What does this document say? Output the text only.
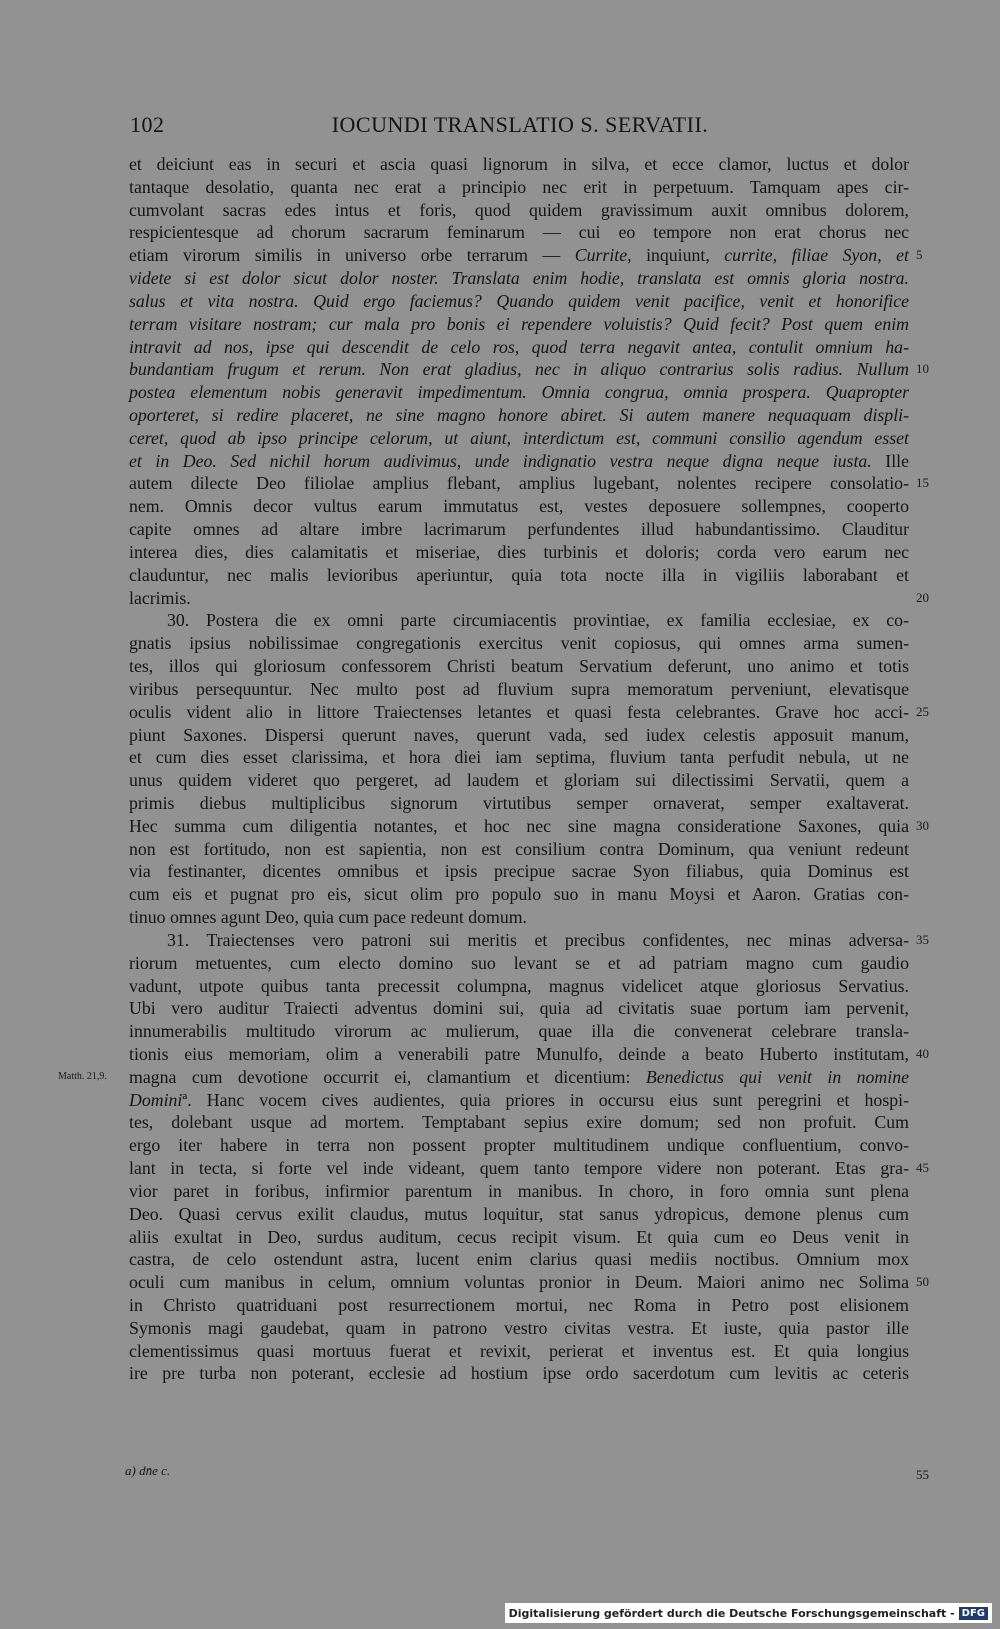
102	IOCUNDI TRANSLATIO S. SERVATII.
et deiciunt eas in securi et ascia quasi lignorum in silva, et ecce clamor, luctus et dolor
tantaque desolatio, quanta nec erat a principio nec erit in perpetuum. Tamquam apes cir-
cumvolant sacras edes intus et foris, quod quidem gravissimum auxit omnibus dolorem,
respicientesque ad chorum sacrarum feminarum — cui eo tempore non erat chorus nec
etiam virorum similis in universo orbe terrarum — Currite, inquiunt, currite, filiae Syon, et
videte si est dolor sicut dolor noster. Translata enim hodie, translata est omnis gloria nostra.
salus et vita nostra. Quid ergo faciemus? Quando quidem venit pacifice, venit et honorifice
terram visitare nostram; cur mala pro bonis ei rependere voluistis? Quid fecit? Post quem enim
intravit ad nos, ipse qui descendit de celo ros, quod terra negavit antea, contulit omnium ha-
bundantiam frugum et rerum. Non erat gladius, nec in aliquo contrarius solis radius. Nullum
postea elementum nobis generavit impedimentum. Omnia congrua, omnia prospera. Quapropter
oporteret, si redire placeret, ne sine magno honore abiret. Si autem manere nequaquam displi-
ceret, quod ab ipso principe celorum, ut aiunt, interdictum est, communi consilio agendum esset
et in Deo. Sed nichil horum audivimus, unde indignatio vestra neque digna neque iusta. Ille
autem dilecte Deo filiolae amplius flebant, amplius lugebant, nolentes recipere consolatio-
nem. Omnis decor vultus earum immutatus est, vestes deposuere sollempnes, cooperto
capite omnes ad altare imbre lacrimarum perfundentes illud habundantissimo. Clauditur
interea dies, dies calamitatis et miseriae, dies turbinis et doloris; corda vero earum nec
clauduntur, nec malis levioribus aperiuntur, quia tota nocte illa in vigiliis laborabant et
lacrimis.
30. Postera die ex omni parte circumiacentis provintiae, ex familia ecclesiae, ex co-
gnatis ipsius nobilissimae congregationis exercitus venit copiosus, qui omnes arma sumen-
tes, illos qui gloriosum confessorem Christi beatum Servatium deferunt, uno animo et totis
viribus persequuntur. Nec multo post ad fluvium supra memoratum perveniunt, elevatisque
oculis vident alio in littore Traiectenses letantes et quasi festa celebrantes. Grave hoc acci-
piunt Saxones. Dispersi querunt naves, querunt vada, sed iudex celestis apposuit manum,
et cum dies esset clarissima, et hora diei iam septima, fluvium tanta perfudit nebula, ut ne
unus quidem videret quo pergeret, ad laudem et gloriam sui dilectissimi Servatii, quem a
primis diebus multiplicibus signorum virtutibus semper ornaverat, semper exaltaverat.
Hec summa cum diligentia notantes, et hoc nec sine magna consideratione Saxones, quia
non est fortitudo, non est sapientia, non est consilium contra Dominum, qua veniunt redeunt
via festinanter, dicentes omnibus et ipsis precipue sacrae Syon filiabus, quia Dominus est
cum eis et pugnat pro eis, sicut olim pro populo suo in manu Moysi et Aaron. Gratias con-
tinuo omnes agunt Deo, quia cum pace redeunt domum.
31. Traiectenses vero patroni sui meritis et precibus confidentes, nec minas adversa-
riorum metuentes, cum electo domino suo levant se et ad patriam magno cum gaudio
vadunt, utpote quibus tanta precessit columpna, magnus videlicet atque gloriosus Servatius.
Ubi vero auditur Traiecti adventus domini sui, quia ad civitatis suae portum iam pervenit,
innumerabilis multitudo virorum ac mulierum, quae illa die convenerat celebrare transla-
tionis eius memoriam, olim a venerabili patre Munulfo, deinde a beato Huberto institutam,
magna cum devotione occurrit ei, clamantium et dicentium: Benedictus qui venit in nomine
Dominiª. Hanc vocem cives audientes, quia priores in occursu eius sunt peregrini et hospi-
tes, dolebant usque ad mortem. Temptabant sepius exire domum; sed non profuit. Cum
ergo iter habere in terra non possent propter multitudinem undique confluentium, convo-
lant in tecta, si forte vel inde videant, quem tanto tempore videre non poterant. Etas gra-
vior paret in foribus, infirmior parentum in manibus. In choro, in foro omnia sunt plena
Deo. Quasi cervus exilit claudus, mutus loquitur, stat sanus ydropicus, demone plenus cum
aliis exultat in Deo, surdus auditum, cecus recipit visum. Et quia cum eo Deus venit in
castra, de celo ostendunt astra, lucent enim clarius quasi mediis noctibus. Omnium mox
oculi cum manibus in celum, omnium voluntas pronior in Deum. Maiori animo nec Solima
in Christo quatriduani post resurrectionem mortui, nec Roma in Petro post elisionem
Symonis magi gaudebat, quam in patrono vestro civitas vestra. Et iuste, quia pastor ille
clementissimus quasi mortuus fuerat et revixit, perierat et inventus est. Et quia longius
ire pre turba non poterant, ecclesie ad hostium ipse ordo sacerdotum cum levitis ac ceteris
5
10
15
20
25
30
35
40
45
50
Matth. 21,9.
a) dn̄e c.	55
Digitalisierung gefördert durch die Deutsche Forschungsgemeinschaft - DFG
